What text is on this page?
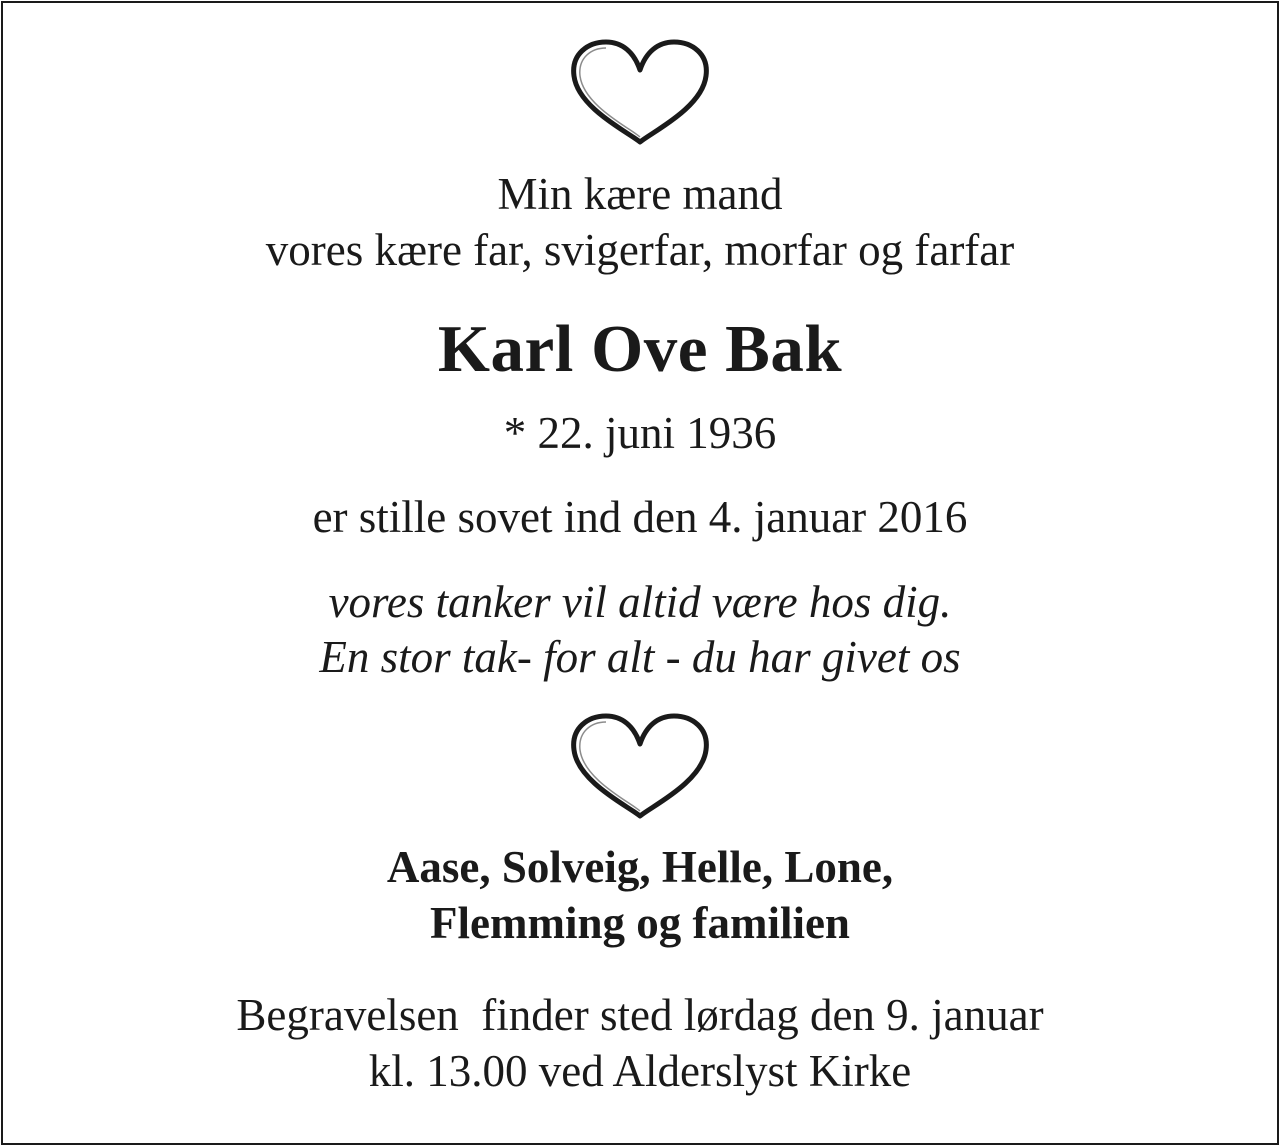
Min kære mand
vores kære far, svigerfar, morfar og farfar
Karl Ove Bak
* 22. juni 1936
er stille sovet ind den 4. januar 2016
vores tanker vil altid være hos dig.
En stor tak- for alt - du har givet os
Aase, Solveig, Helle, Lone,
Flemming og familien
Begravelsen  finder sted lørdag den 9. januar
kl. 13.00 ved Alderslyst Kirke
